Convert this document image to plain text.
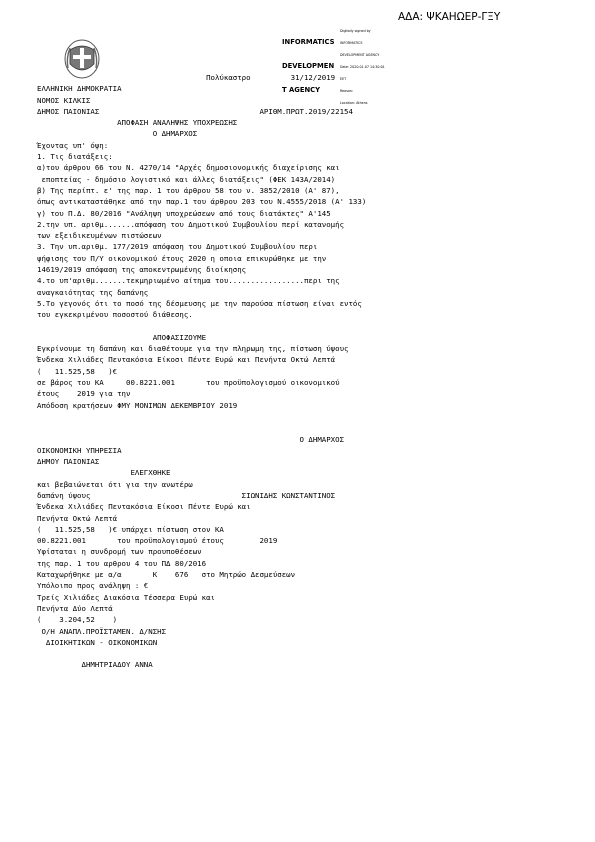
ΑΔΑ: ΨΚΑΗΩΕΡ-ΓΞΥ

INFORMATICS

DEVELOPMEN

T AGENCY

Digitally signed by

INFORMATICS

DEVELOPMENT AGENCY

Date: 2020.01.07 14:30:01

EET

Reason:

Location: Athens

Πολύκαστρο         31/12/2019
ΕΛΛΗΝΙΚΗ ΔΗΜΟΚΡΑΤΙΑ
ΝΟΜΟΣ ΚΙΛΚΙΣ
ΔΗΜΟΣ ΠΑΙΟΝΙΑΣ                                    ΑΡΙΘΜ.ΠΡΩΤ.2019/22154
ΑΠΟΦΑΣΗ ΑΝΑΛΗΨΗΣ ΥΠΟΧΡΕΩΣΗΣ
Ο ΔΗΜΑΡΧΟΣ
Έχοντας υπ' όψη:
1. Τις διατάξεις:
α)του άρθρου 66 του Ν. 4270/14 "Αρχές δημοσιονομικής διαχείρισης και
εποπτείας - δημόσιο λογιστικό και άλλες διατάξεις" (ΦΕΚ 143Α/2014)
β) Της περίπτ. ε' της παρ. 1 του άρθρου 58 του ν. 3852/2010 (Α' 87),
όπως αντικαταστάθηκε από την παρ.1 του άρθρου 203 του Ν.4555/2018 (Α' 133)
γ) του Π.Δ. 80/2016 "Ανάληψη υποχρεώσεων από τους διατάκτες" Α'145
2.την υπ. αριθμ.......απόφαση του Δημοτικού Συμβουλίου περί κατανομής
των εξειδικευμένων πιστώσεων
3. Την υπ.αριθμ. 177/2019 απόφαση του Δημοτικού Συμβουλίου περι
ψήφισης του Π/Υ οικονομικού έτους 2020 η οποια επικυρώθηκε με την
14619/2019 απόφαση της αποκεντρωμένης διοίκησης
4.το υπ'αριθμ.......τεκμηριωμένο αίτημα του.................περι της
αναγκαιότητας της δαπάνης
5.Το γεγονός ότι το ποσό της δέσμευσης με την παρούσα πίστωση είναι εντός
του εγκεκριμένου ποσοστού διάθεσης.
ΑΠΟΦΑΣΙΖΟΥΜΕ
Εγκρίνουμε τη δαπάνη και διαθέτουμε για την πληρωμη της, πίστωση ύψους
Ένδεκα Χιλιάδες Πεντακόσια Είκοσι Πέντε Ευρώ και Πενήντα Οκτώ Λεπτά
(   11.525,58   )€
σε βάρος του ΚΑ     00.8221.001       του προϋπολογισμού οικονομικού
έτους    2019 για την
Απόδοση κρατήσεων ΦΜΥ ΜΟΝΙΜΩΝ ΔΕΚΕΜΒΡΙΟΥ 2019
Ο ΔΗΜΑΡΧΟΣ
ΟΙΚΟΝΟΜΙΚΗ ΥΠΗΡΕΣΙΑ
ΔΗΜΟΥ ΠΑΙΟΝΙΑΣ
ΕΛΕΓΧΘΗΚΕ
και βεβαιώνεται ότι για την ανωτέρω
δαπάνη ύψους                                  ΣΙΩΝΙΔΗΣ ΚΩΝΣΤΑΝΤΙΝΟΣ
Ένδεκα Χιλιάδες Πεντακόσια Είκοσι Πέντε Ευρώ και
Πενήντα Οκτώ Λεπτά
(   11.525,58   )€ υπάρχει πίστωση στον ΚΑ
00.8221.001       του προϋπολογισμού έτους        2019
Υφίσταται η συνδρομή των προυποθέσεων
της παρ. 1 του αρθρου 4 του ΠΔ 80/2016
Καταχωρήθηκε με α/α       Κ    676   στο Μητρώο Δεσμεύσεων
Υπόλοιπο προς ανάληψη : €
Τρείς Χιλιάδες Διακόσια Τέσσερα Ευρώ και
Πενήντα Δύο Λεπτά
(    3.204,52    )
Ο/Η ΑΝΑΠΛ.ΠΡΟΪΣΤΑΜΕΝ. Δ/ΝΣΗΣ
ΔΙΟΙΚΗΤΙΚΩΝ - ΟΙΚΟΝΟΜΙΚΩΝ
ΔΗΜΗΤΡΙΑΔΟΥ ΑΝΝΑ
